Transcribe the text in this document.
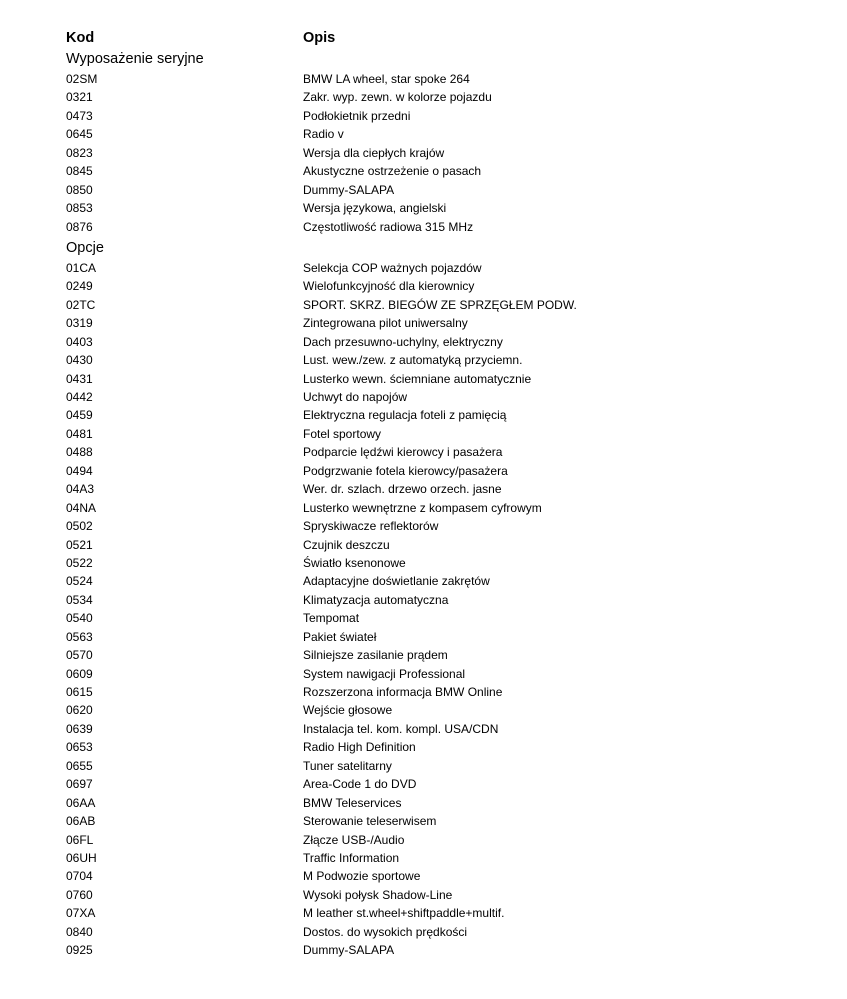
Kod	Opis
Wyposażenie seryjne
02SM	BMW LA wheel, star spoke 264
0321	Zakr. wyp. zewn. w kolorze pojazdu
0473	Podłokietnik przedni
0645	Radio v
0823	Wersja dla ciepłych krajów
0845	Akustyczne ostrzeżenie o pasach
0850	Dummy-SALAPA
0853	Wersja językowa, angielski
0876	Częstotliwość radiowa 315 MHz
Opcje
01CA	Selekcja COP ważnych pojazdów
0249	Wielofunkcyjność dla kierownicy
02TC	SPORT. SKRZ. BIEGÓW ZE SPRZĘGŁEM PODW.
0319	Zintegrowana pilot uniwersalny
0403	Dach przesuwno-uchylny, elektryczny
0430	Lust. wew./zew. z automatyką przyciemn.
0431	Lusterko wewn. ściemniane automatycznie
0442	Uchwyt do napojów
0459	Elektryczna regulacja foteli z pamięcią
0481	Fotel sportowy
0488	Podparcie lędźwi kierowcy i pasażera
0494	Podgrzwanie fotela kierowcy/pasażera
04A3	Wer. dr. szlach. drzewo orzech. jasne
04NA	Lusterko wewnętrzne z kompasem cyfrowym
0502	Spryskiwacze reflektorów
0521	Czujnik deszczu
0522	Światło ksenonowe
0524	Adaptacyjne doświetlanie zakrętów
0534	Klimatyzacja automatyczna
0540	Tempomat
0563	Pakiet świateł
0570	Silniejsze zasilanie prądem
0609	System nawigacji Professional
0615	Rozszerzona informacja BMW Online
0620	Wejście głosowe
0639	Instalacja tel. kom. kompl. USA/CDN
0653	Radio High Definition
0655	Tuner satelitarny
0697	Area-Code 1 do DVD
06AA	BMW Teleservices
06AB	Sterowanie teleserwisem
06FL	Złącze USB-/Audio
06UH	Traffic Information
0704	M Podwozie sportowe
0760	Wysoki połysk Shadow-Line
07XA	M leather st.wheel+shiftpaddle+multif.
0840	Dostos. do wysokich prędkości
0925	Dummy-SALAPA
